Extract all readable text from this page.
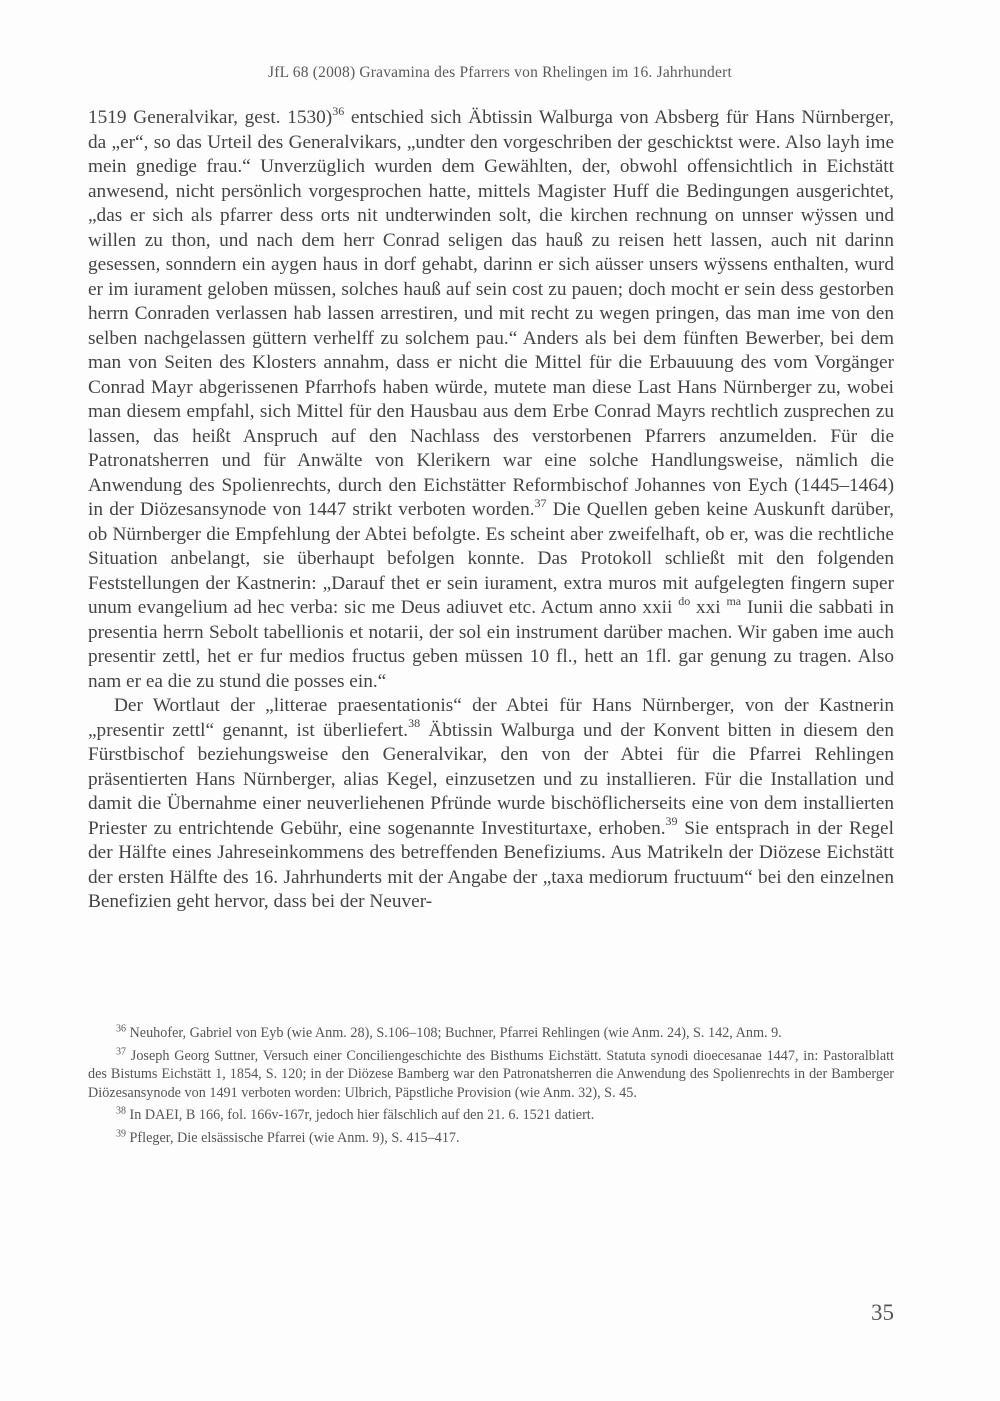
JfL 68 (2008) Gravamina des Pfarrers von Rhelingen im 16. Jahrhundert

1519 Generalvikar, gest. 1530)$^{36}$ entschied sich Äbtissin Walburga von Absberg für Hans Nürnberger, da „er“, so das Urteil des Generalvikars, „undter den vorgeschriben der geschicktst were. Also layh ime mein gnedige frau.“ Unverzüglich wurden dem Gewählten, der, obwohl offensichtlich in Eichstätt anwesend, nicht persönlich vorgesprochen hatte, mittels Magister Huff die Bedingungen ausgerichtet, „das er sich als pfarrer dess orts nit undterwinden solt, die kirchen rechnung on unnser wÿssen und willen zu thon, und nach dem herr Conrad seligen das hauß zu reisen hett lassen, auch nit darinn gesessen, sonndern ein aygen haus in dorf gehabt, darinn er sich aüsser unsers wÿssens enthalten, wurd er im iurament geloben müssen, solches hauß auf sein cost zu pauen; doch mocht er sein dess gestorben herrn Conraden verlassen hab lassen arrestiren, und mit recht zu wegen pringen, das man ime von den selben nachgelassen güttern verhelff zu solchem pau.“ Anders als bei dem fünften Bewerber, bei dem man von Seiten des Klosters annahm, dass er nicht die Mittel für die Erbauuung des vom Vorgänger Conrad Mayr abgerissenen Pfarrhofs haben würde, mutete man diese Last Hans Nürnberger zu, wobei man diesem empfahl, sich Mittel für den Hausbau aus dem Erbe Conrad Mayrs rechtlich zusprechen zu lassen, das heißt Anspruch auf den Nachlass des verstorbenen Pfarrers anzumelden. Für die Patronatsherren und für Anwälte von Klerikern war eine solche Handlungsweise, nämlich die Anwendung des Spolienrechts, durch den Eichstätter Reformbischof Johannes von Eych (1445–1464) in der Diözesansynode von 1447 strikt verboten worden.$^{37}$ Die Quellen geben keine Auskunft darüber, ob Nürnberger die Empfehlung der Abtei befolgte. Es scheint aber zweifelhaft, ob er, was die rechtliche Situation anbelangt, sie überhaupt befolgen konnte. Das Protokoll schließt mit den folgenden Feststellungen der Kastnerin: „Darauf thet er sein iurament, extra muros mit aufgelegten fingern super unum evangelium ad hec verba: sic me Deus adiuvet etc. Actum anno xxii $^{do}$ xxi $^{ma}$ Iunii die sabbati in presentia herrn Sebolt tabellionis et notarii, der sol ein instrument darüber machen. Wir gaben ime auch presentir zettl, het er fur medios fructus geben müssen 10 fl., hett an 1fl. gar genung zu tragen. Also nam er ea die zu stund die posses ein.“

Der Wortlaut der „litterae praesentationis“ der Abtei für Hans Nürnberger, von der Kastnerin „presentir zettl“ genannt, ist überliefert.$^{38}$ Äbtissin Walburga und der Konvent bitten in diesem den Fürstbischof beziehungsweise den Generalvikar, den von der Abtei für die Pfarrei Rehlingen präsentierten Hans Nürnberger, alias Kegel, einzusetzen und zu installieren. Für die Installation und damit die Übernahme einer neuverliehenen Pfründe wurde bischöflicherseits eine von dem installierten Priester zu entrichtende Gebühr, eine sogenannte Investiturtaxe, erhoben.$^{39}$ Sie entsprach in der Regel der Hälfte eines Jahreseinkommens des betreffenden Benefiziums. Aus Matrikeln der Diözese Eichstätt der ersten Hälfte des 16. Jahrhunderts mit der Angabe der „taxa mediorum fructuum“ bei den einzelnen Benefizien geht hervor, dass bei der Neuver-

$^{36}$ Neuhofer, Gabriel von Eyb (wie Anm. 28), S.106–108; Buchner, Pfarrei Rehlingen (wie Anm. 24), S. 142, Anm. 9.

$^{37}$ Joseph Georg Suttner, Versuch einer Conciliengeschichte des Bisthums Eichstätt. Statuta synodi dioecesanae 1447, in: Pastoralblatt des Bistums Eichstätt 1, 1854, S. 120; in der Diözese Bamberg war den Patronatsherren die Anwendung des Spolienrechts in der Bamberger Diözesansynode von 1491 verboten worden: Ulbrich, Päpstliche Provision (wie Anm. 32), S. 45.

$^{38}$ In DAEI, B 166, fol. 166v-167r, jedoch hier fälschlich auf den 21. 6. 1521 datiert.

$^{39}$ Pfleger, Die elsässische Pfarrei (wie Anm. 9), S. 415–417.

35
